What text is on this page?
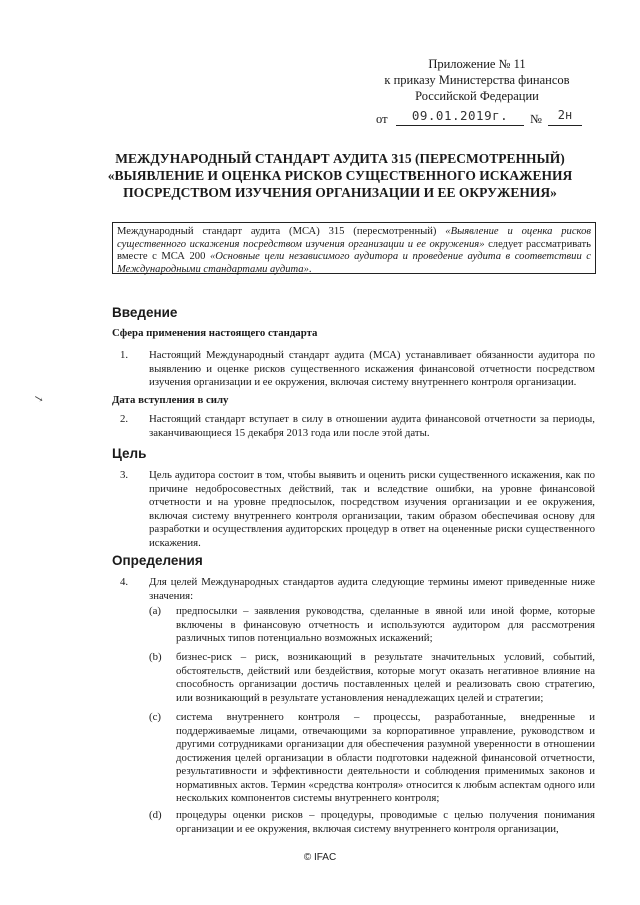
Приложение № 11
к приказу Министерства финансов
Российской Федерации
от	09.01.2019г.	№	2н
МЕЖДУНАРОДНЫЙ СТАНДАРТ АУДИТА 315 (ПЕРЕСМОТРЕННЫЙ)
«ВЫЯВЛЕНИЕ И ОЦЕНКА РИСКОВ СУЩЕСТВЕННОГО ИСКАЖЕНИЯ
ПОСРЕДСТВОМ ИЗУЧЕНИЯ ОРГАНИЗАЦИИ И ЕЕ ОКРУЖЕНИЯ»
Международный стандарт аудита (МСА) 315 (пересмотренный) «Выявление и оценка рисков существенного искажения посредством изучения организации и ее окружения» следует рассматривать вместе с МСА 200 «Основные цели независимого аудитора и проведение аудита в соответствии с Международными стандартами аудита».
Введение
Сфера применения настоящего стандарта
1. Настоящий Международный стандарт аудита (МСА) устанавливает обязанности аудитора по выявлению и оценке рисков существенного искажения финансовой отчетности посредством изучения организации и ее окружения, включая систему внутреннего контроля организации.
Дата вступления в силу
2. Настоящий стандарт вступает в силу в отношении аудита финансовой отчетности за периоды, заканчивающиеся 15 декабря 2013 года или после этой даты.
Цель
3. Цель аудитора состоит в том, чтобы выявить и оценить риски существенного искажения, как по причине недобросовестных действий, так и вследствие ошибки, на уровне финансовой отчетности и на уровне предпосылок, посредством изучения организации и ее окружения, включая систему внутреннего контроля организации, таким образом обеспечивая основу для разработки и осуществления аудиторских процедур в ответ на оцененные риски существенного искажения.
Определения
4. Для целей Международных стандартов аудита следующие термины имеют приведенные ниже значения:
(a) предпосылки – заявления руководства, сделанные в явной или иной форме, которые включены в финансовую отчетность и используются аудитором для рассмотрения различных типов потенциально возможных искажений;
(b) бизнес-риск – риск, возникающий в результате значительных условий, событий, обстоятельств, действий или бездействия, которые могут оказать негативное влияние на способность организации достичь поставленных целей и реализовать свою стратегию, или возникающий в результате установления ненадлежащих целей и стратегии;
(c) система внутреннего контроля – процессы, разработанные, внедренные и поддерживаемые лицами, отвечающими за корпоративное управление, руководством и другими сотрудниками организации для обеспечения разумной уверенности в отношении достижения целей организации в области подготовки надежной финансовой отчетности, результативности и эффективности деятельности и соблюдения применимых законов и нормативных актов. Термин «средства контроля» относится к любым аспектам одного или нескольких компонентов системы внутреннего контроля;
(d) процедуры оценки рисков – процедуры, проводимые с целью получения понимания организации и ее окружения, включая систему внутреннего контроля организации,
↘
© IFAC
